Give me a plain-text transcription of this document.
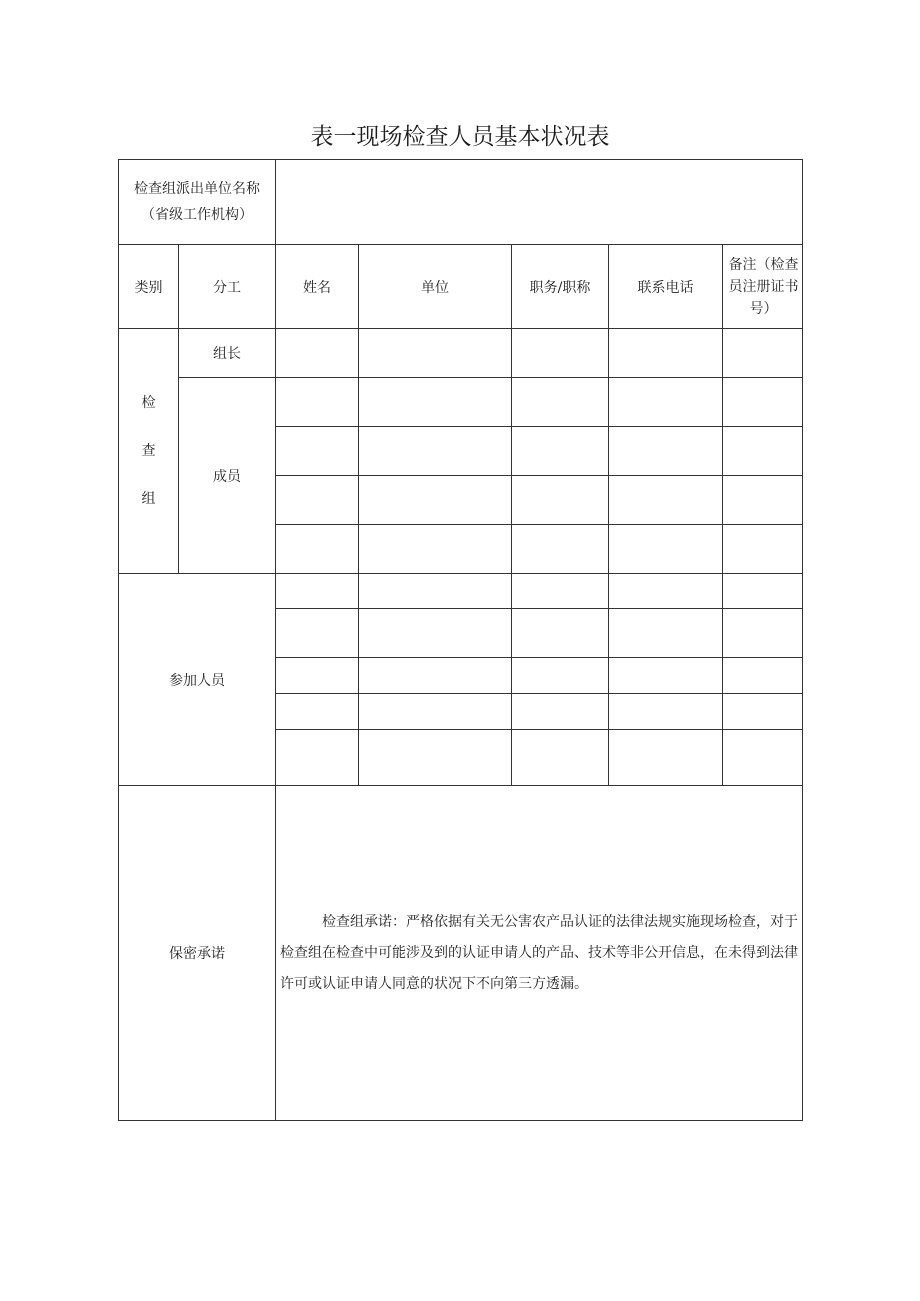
表一现场检查人员基本状况表
检查组派出单位名称
（省级工作机构）						

类别	分工	姓名	单位	职务/职称	联系电话	备注（检查
员注册证书
号）

检
查
组	组长					
	成员					

参加人员						

保密承诺		检查组承诺：严格依据有关无公害农产品认证的法律法规实施现场检查，对于检查组在检查中可能涉及到的认证申请人的产品、技术等非公开信息，在未得到法律许可或认证申请人同意的状况下不向第三方透漏。				
